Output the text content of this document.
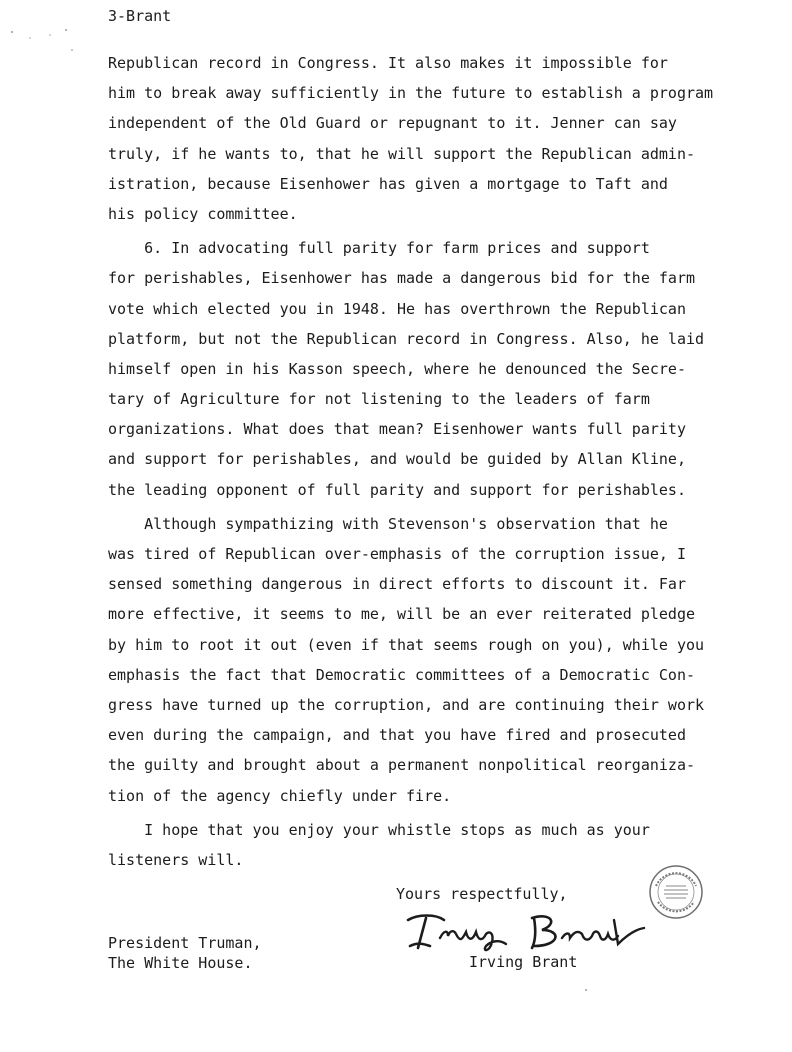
3-Brant
Republican record in Congress. It also makes it impossible for
him to break away sufficiently in the future to establish a program
independent of the Old Guard or repugnant to it. Jenner can say
truly, if he wants to, that he will support the Republican admin-
istration, because Eisenhower has given a mortgage to Taft and
his policy committee.
6. In advocating full parity for farm prices and support
for perishables, Eisenhower has made a dangerous bid for the farm
vote which elected you in 1948. He has overthrown the Republican
platform, but not the Republican record in Congress. Also, he laid
himself open in his Kasson speech, where he denounced the Secre-
tary of Agriculture for not listening to the leaders of farm
organizations. What does that mean? Eisenhower wants full parity
and support for perishables, and would be guided by Allan Kline,
the leading opponent of full parity and support for perishables.
Although sympathizing with Stevenson's observation that he
was tired of Republican over-emphasis of the corruption issue, I
sensed something dangerous in direct efforts to discount it. Far
more effective, it seems to me, will be an ever reiterated pledge
by him to root it out (even if that seems rough on you), while you
emphasis the fact that Democratic committees of a Democratic Con-
gress have turned up the corruption, and are continuing their work
even during the campaign, and that you have fired and prosecuted
the guilty and brought about a permanent nonpolitical reorganiza-
tion of the agency chiefly under fire.
I hope that you enjoy your whistle stops as much as your
listeners will.
Yours respectfully,
President Truman,
The White House.	Irving Brant
